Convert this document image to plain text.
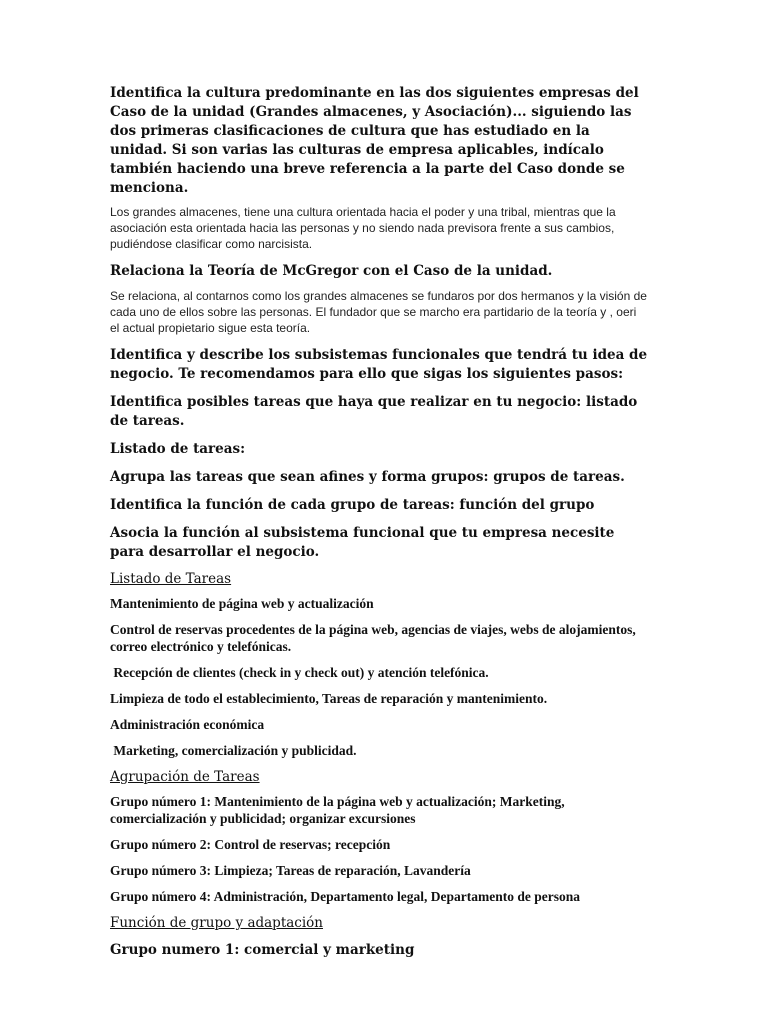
Identifica la cultura predominante en las dos siguientes empresas del Caso de la unidad (Grandes almacenes, y Asociación)... siguiendo las dos primeras clasificaciones de cultura que has estudiado en la unidad. Si son varias las culturas de empresa aplicables, indícalo también haciendo una breve referencia a la parte del Caso donde se menciona.

Los grandes almacenes, tiene una cultura orientada hacia el poder y una tribal, mientras que la asociación esta orientada hacia las personas y no siendo nada previsora frente a sus cambios, pudiéndose clasificar como narcisista.

Relaciona la Teoría de McGregor con el Caso de la unidad.

Se relaciona, al contarnos como los grandes almacenes se fundaros por dos hermanos y la visión de cada uno de ellos sobre las personas. El fundador que se marcho era partidario de la teoría y , oeri el actual propietario sigue esta teoría.

Identifica y describe los subsistemas funcionales que tendrá tu idea de negocio. Te recomendamos para ello que sigas los siguientes pasos:

Identifica posibles tareas que haya que realizar en tu negocio: listado de tareas.

Listado de tareas:

Agrupa las tareas que sean afines y forma grupos: grupos de tareas.

Identifica la función de cada grupo de tareas: función del grupo

Asocia la función al subsistema funcional que tu empresa necesite para desarrollar el negocio.

Listado de Tareas

Mantenimiento de página web y actualización

Control de reservas procedentes de la página web, agencias de viajes, webs de alojamientos, correo electrónico y telefónicas.

Recepción de clientes (check in y check out) y atención telefónica.

Limpieza de todo el establecimiento, Tareas de reparación y mantenimiento.

Administración económica

Marketing, comercialización y publicidad.

Agrupación de Tareas

Grupo número 1: Mantenimiento de la página web y actualización; Marketing, comercialización y publicidad; organizar excursiones

Grupo número 2: Control de reservas; recepción

Grupo número 3: Limpieza; Tareas de reparación, Lavandería

Grupo número 4: Administración, Departamento legal, Departamento de persona

Función de grupo y adaptación

Grupo numero 1: comercial y marketing
